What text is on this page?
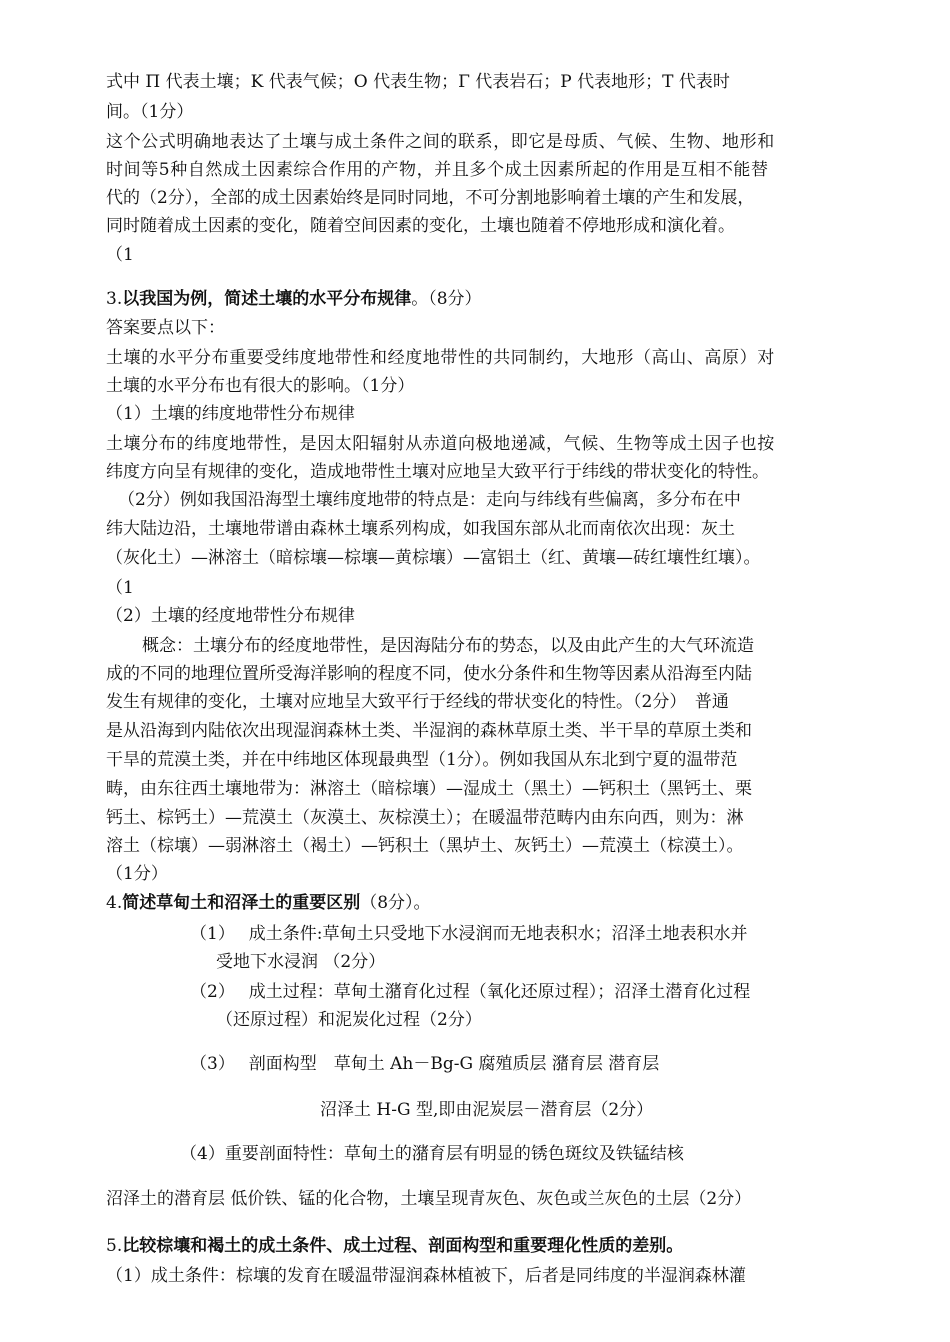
式中 Π 代表土壤；K 代表气候；O 代表生物；Γ 代表岩石；P 代表地形；T 代表时
间。（1分）
这个公式明确地表达了土壤与成土条件之间的联系，即它是母质、气候、生物、地形和
时间等5种自然成土因素综合作用的产物，并且多个成土因素所起的作用是互相不能替
代的（2分），全部的成土因素始终是同时同地，不可分割地影响着土壤的产生和发展，
同时随着成土因素的变化，随着空间因素的变化，土壤也随着不停地形成和演化着。
（1
3.以我国为例，简述土壤的水平分布规律。（8分）
答案要点以下：
土壤的水平分布重要受纬度地带性和经度地带性的共同制约，大地形（高山、高原）对
土壤的水平分布也有很大的影响。（1分）
（1）土壤的纬度地带性分布规律
土壤分布的纬度地带性，是因太阳辐射从赤道向极地递减，气候、生物等成土因子也按
纬度方向呈有规律的变化，造成地带性土壤对应地呈大致平行于纬线的带状变化的特性。
（2分）例如我国沿海型土壤纬度地带的特点是：走向与纬线有些偏离，多分布在中
纬大陆边沿，土壤地带谱由森林土壤系列构成，如我国东部从北而南依次出现：灰土
（灰化土）—淋溶土（暗棕壤—棕壤—黄棕壤）—富铝土（红、黄壤—砖红壤性红壤）。
（1
（2）土壤的经度地带性分布规律
概念：土壤分布的经度地带性，是因海陆分布的势态，以及由此产生的大气环流造
成的不同的地理位置所受海洋影响的程度不同，使水分条件和生物等因素从沿海至内陆
发生有规律的变化，土壤对应地呈大致平行于经线的带状变化的特性。（2分）　普通
是从沿海到内陆依次出现湿润森林土类、半湿润的森林草原土类、半干旱的草原土类和
干旱的荒漠土类，并在中纬地区体现最典型（1分）。例如我国从东北到宁夏的温带范
畴，由东往西土壤地带为：淋溶土（暗棕壤）—湿成土（黑土）—钙积土（黑钙土、栗
钙土、棕钙土）—荒漠土（灰漠土、灰棕漠土）；在暖温带范畴内由东向西，则为：淋
溶土（棕壤）—弱淋溶土（褐土）—钙积土（黑垆土、灰钙土）—荒漠土（棕漠土）。
（1分）
4.简述草甸土和沼泽土的重要区别（8分）。
（1）　 成土条件:草甸土只受地下水浸润而无地表积水；沼泽土地表积水并
受地下水浸润 （2分）
（2）　 成土过程：草甸土潴育化过程（氧化还原过程）；沼泽土潜育化过程
（还原过程）和泥炭化过程（2分）
（3）　 剖面构型　草甸土 Ah－Bg-G 腐殖质层 潴育层 潜育层
沼泽土 H-G 型,即由泥炭层－潜育层（2分）
（4）重要剖面特性：草甸土的潴育层有明显的锈色斑纹及铁锰结核
沼泽土的潜育层 低价铁、锰的化合物，土壤呈现青灰色、灰色或兰灰色的土层（2分）
5.比较棕壤和褐土的成土条件、成土过程、剖面构型和重要理化性质的差别。
（1）成土条件：棕壤的发育在暖温带湿润森林植被下，后者是同纬度的半湿润森林灌
